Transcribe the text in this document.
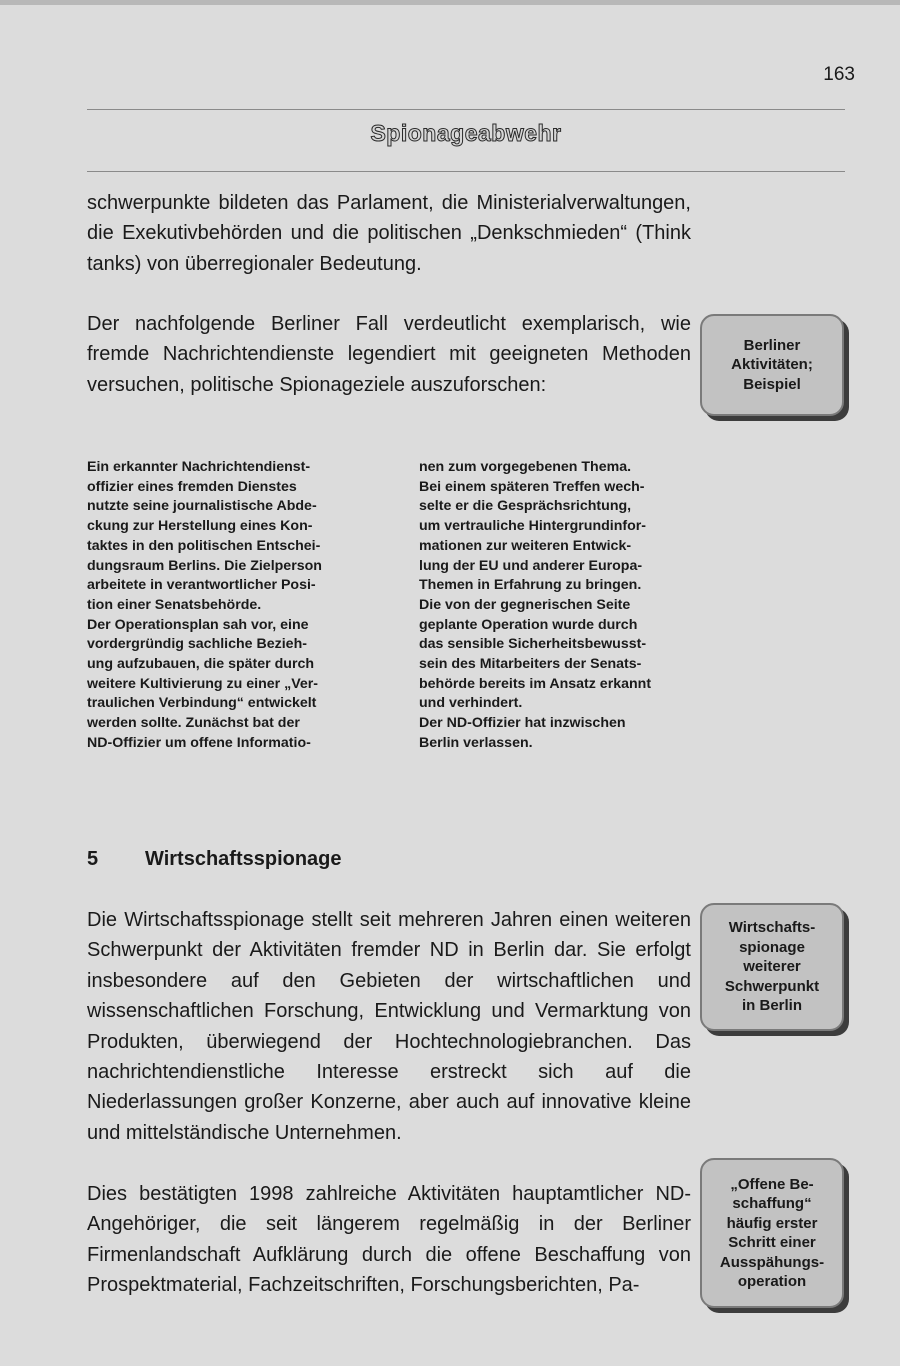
163
Spionageabwehr

schwerpunkte bildeten das Parlament, die Ministerialverwaltungen, die Exekutivbehörden und die politischen „Denkschmieden“ (Think tanks) von überregionaler Bedeutung.

Der nachfolgende Berliner Fall verdeutlicht exemplarisch, wie fremde Nachrichtendienste legendiert mit geeigneten Methoden versuchen, politische Spionageziele auszuforschen:

Berliner
Aktivitäten;
Beispiel
Ein erkannter Nachrichtendienst-
offizier eines fremden Dienstes
nutzte seine journalistische Abde-
ckung zur Herstellung eines Kon-
taktes in den politischen Entschei-
dungsraum Berlins. Die Zielperson
arbeitete in verantwortlicher Posi-
tion einer Senatsbehörde.
Der Operationsplan sah vor, eine
vordergründig sachliche Bezieh-
ung aufzubauen, die später durch
weitere Kultivierung zu einer „Ver-
traulichen Verbindung“ entwickelt
werden sollte. Zunächst bat der
ND-Offizier um offene Informatio-
nen zum vorgegebenen Thema.
Bei einem späteren Treffen wech-
selte er die Gesprächsrichtung,
um vertrauliche Hintergrundinfor-
mationen zur weiteren Entwick-
lung der EU und anderer Europa-
Themen in Erfahrung zu bringen.
Die von der gegnerischen Seite
geplante Operation wurde durch
das sensible Sicherheitsbewusst-
sein des Mitarbeiters der Senats-
behörde bereits im Ansatz erkannt
und verhindert.
Der ND-Offizier hat inzwischen
Berlin verlassen.
5 Wirtschaftsspionage

Die Wirtschaftsspionage stellt seit mehreren Jahren einen weiteren Schwerpunkt der Aktivitäten fremder ND in Berlin dar. Sie erfolgt insbesondere auf den Gebieten der wirtschaftlichen und wissenschaftlichen Forschung, Entwicklung und Vermarktung von Produkten, überwiegend der Hochtechnologiebranchen. Das nachrichtendienstliche Interesse erstreckt sich auf die Niederlassungen großer Konzerne, aber auch auf innovative kleine und mittelständische Unternehmen.

Wirtschafts-
spionage
weiterer
Schwerpunkt
in Berlin

Dies bestätigten 1998 zahlreiche Aktivitäten hauptamtlicher ND-Angehöriger, die seit längerem regelmäßig in der Berliner Firmenlandschaft Aufklärung durch die offene Beschaffung von Prospektmaterial, Fachzeitschriften, Forschungsberichten, Pa-

„Offene Be-
schaffung“
häufig erster
Schritt einer
Ausspähungs-
operation
